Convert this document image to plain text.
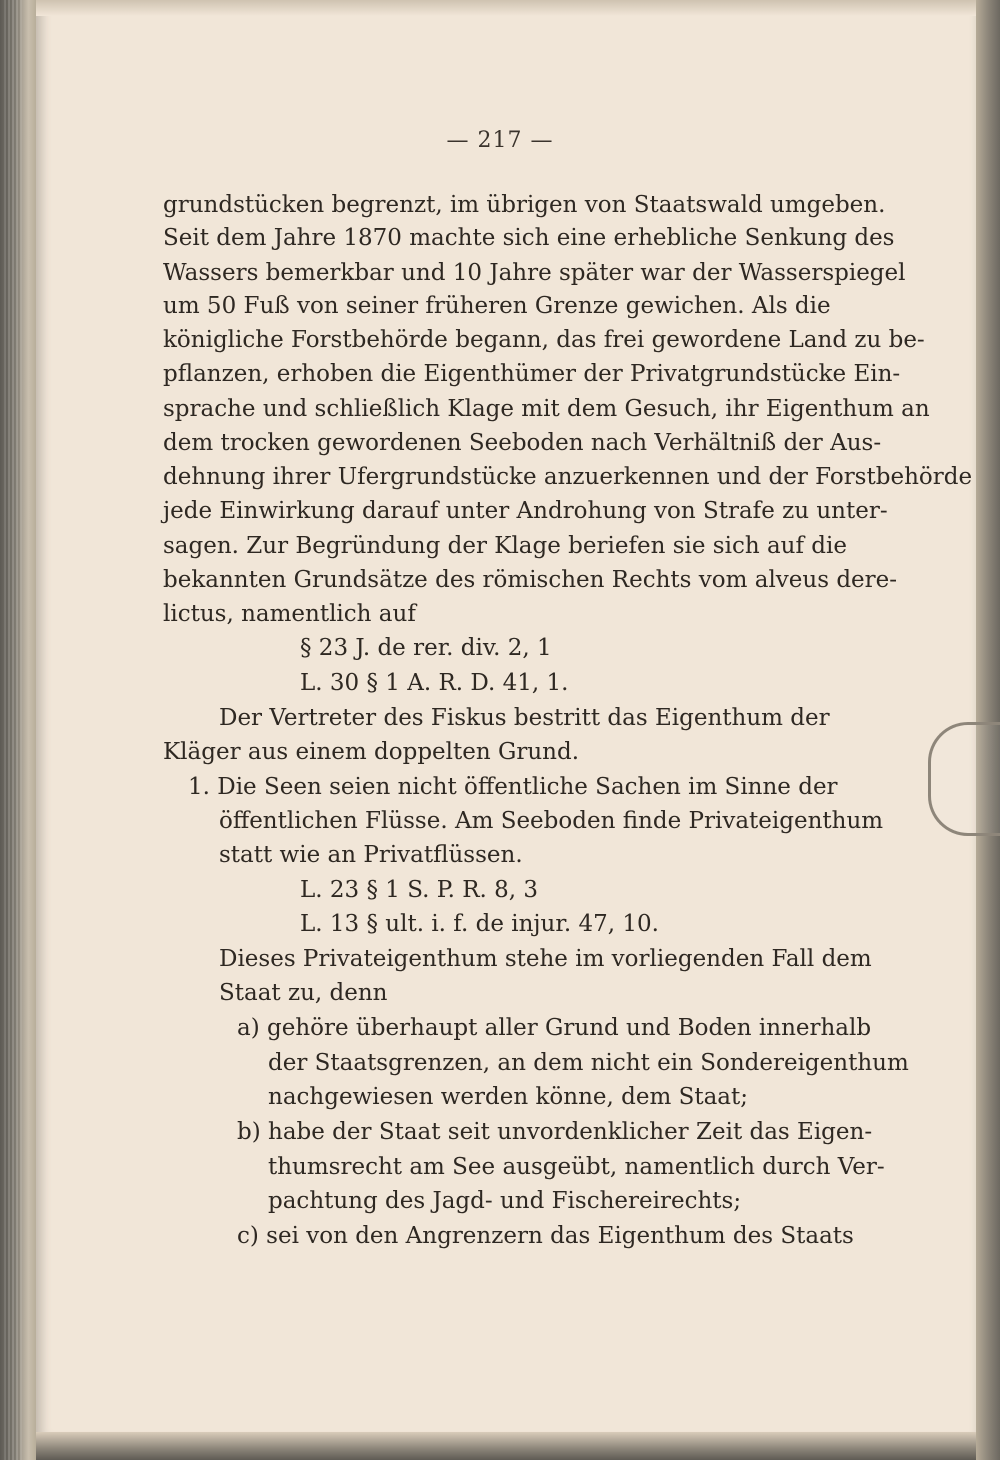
— 217 —
grundstücken begrenzt, im übrigen von Staatswald umgeben.
Seit dem Jahre 1870 machte sich eine erhebliche Senkung des
Wassers bemerkbar und 10 Jahre später war der Wasserspiegel
um 50 Fuß von seiner früheren Grenze gewichen. Als die
königliche Forstbehörde begann, das frei gewordene Land zu be-
pflanzen, erhoben die Eigenthümer der Privatgrundstücke Ein-
sprache und schließlich Klage mit dem Gesuch, ihr Eigenthum an
dem trocken gewordenen Seeboden nach Verhältniß der Aus-
dehnung ihrer Ufergrundstücke anzuerkennen und der Forstbehörde
jede Einwirkung darauf unter Androhung von Strafe zu unter-
sagen. Zur Begründung der Klage beriefen sie sich auf die
bekannten Grundsätze des römischen Rechts vom alveus dere-
lictus, namentlich auf
§ 23 J. de rer. div. 2, 1
L. 30 § 1 A. R. D. 41, 1.
Der Vertreter des Fiskus bestritt das Eigenthum der
Kläger aus einem doppelten Grund.
1. Die Seen seien nicht öffentliche Sachen im Sinne der
öffentlichen Flüsse. Am Seeboden finde Privateigenthum
statt wie an Privatflüssen.
L. 23 § 1 S. P. R. 8, 3
L. 13 § ult. i. f. de injur. 47, 10.
Dieses Privateigenthum stehe im vorliegenden Fall dem
Staat zu, denn
a) gehöre überhaupt aller Grund und Boden innerhalb
der Staatsgrenzen, an dem nicht ein Sondereigenthum
nachgewiesen werden könne, dem Staat;
b) habe der Staat seit unvordenklicher Zeit das Eigen-
thumsrecht am See ausgeübt, namentlich durch Ver-
pachtung des Jagd- und Fischereirechts;
c) sei von den Angrenzern das Eigenthum des Staats
